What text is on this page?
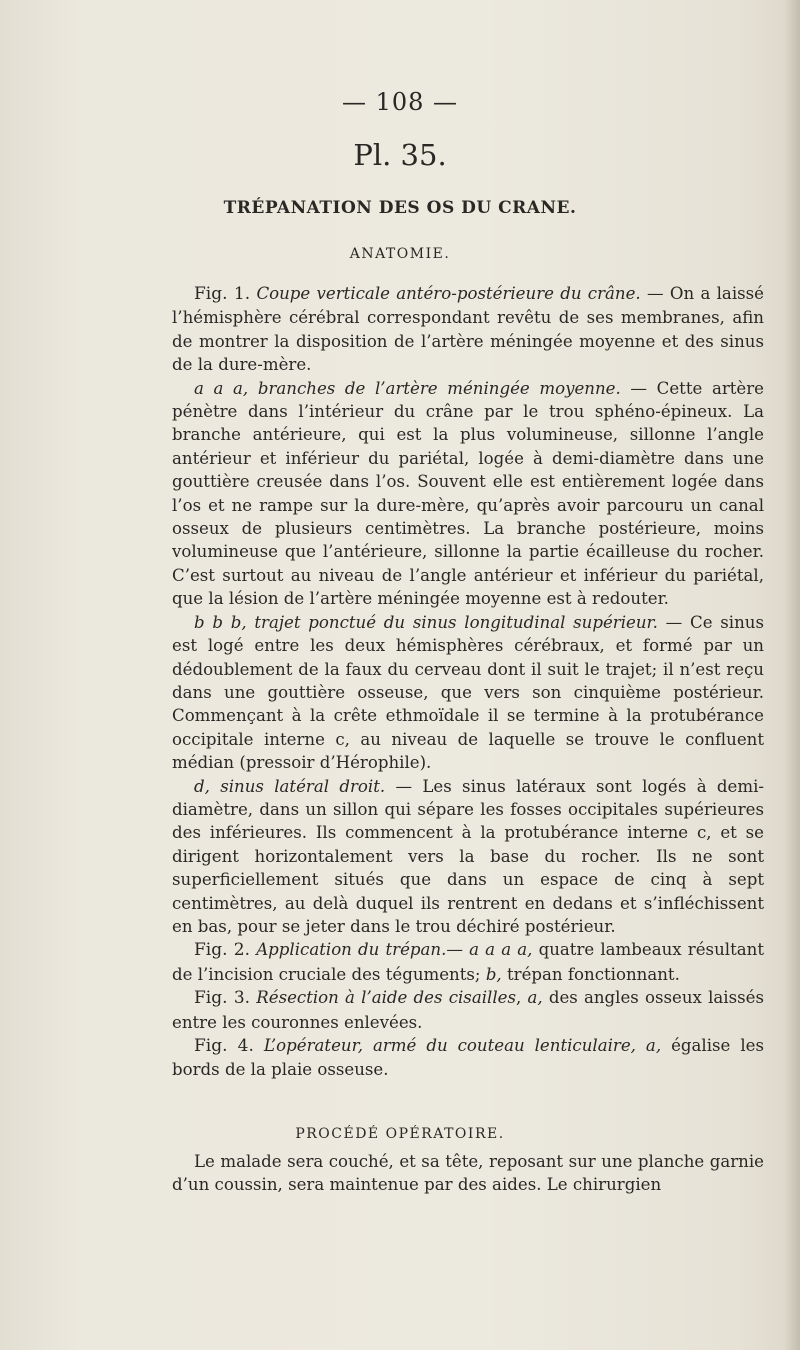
— 108 —
Pl. 35.
TRÉPANATION DES OS DU CRANE.
ANATOMIE.

Fig. 1. Coupe verticale antéro-postérieure du crâne. — On a laissé l’hémisphère cérébral correspondant revêtu de ses membranes, afin de montrer la disposition de l’artère méningée moyenne et des sinus de la dure-mère.

a a a, branches de l’artère méningée moyenne. — Cette artère pénètre dans l’intérieur du crâne par le trou sphéno-épineux. La branche antérieure, qui est la plus volumineuse, sillonne l’angle antérieur et inférieur du pariétal, logée à demi-diamètre dans une gouttière creusée dans l’os. Souvent elle est entièrement logée dans l’os et ne rampe sur la dure-mère, qu’après avoir parcouru un canal osseux de plusieurs centimètres. La branche postérieure, moins volumineuse que l’antérieure, sillonne la partie écailleuse du rocher. C’est surtout au niveau de l’angle antérieur et inférieur du pariétal, que la lésion de l’artère méningée moyenne est à redouter.

b b b, trajet ponctué du sinus longitudinal supérieur. — Ce sinus est logé entre les deux hémisphères cérébraux, et formé par un dédoublement de la faux du cerveau dont il suit le trajet; il n’est reçu dans une gouttière osseuse, que vers son cinquième postérieur. Commençant à la crête ethmoïdale il se termine à la protubérance occipitale interne c, au niveau de laquelle se trouve le confluent médian (pressoir d’Hérophile).

d, sinus latéral droit. — Les sinus latéraux sont logés à demi-diamètre, dans un sillon qui sépare les fosses occipitales supérieures des inférieures. Ils commencent à la protubérance interne c, et se dirigent horizontalement vers la base du rocher. Ils ne sont superficiellement situés que dans un espace de cinq à sept centimètres, au delà duquel ils rentrent en dedans et s’infléchissent en bas, pour se jeter dans le trou déchiré postérieur.

Fig. 2. Application du trépan.— a a a a, quatre lambeaux résultant de l’incision cruciale des téguments; b, trépan fonctionnant.

Fig. 3. Résection à l’aide des cisailles, a, des angles osseux laissés entre les couronnes enlevées.

Fig. 4. L’opérateur, armé du couteau lenticulaire, a, égalise les bords de la plaie osseuse.

PROCÉDÉ OPÉRATOIRE.

Le malade sera couché, et sa tête, reposant sur une planche garnie d’un coussin, sera maintenue par des aides. Le chirurgien
